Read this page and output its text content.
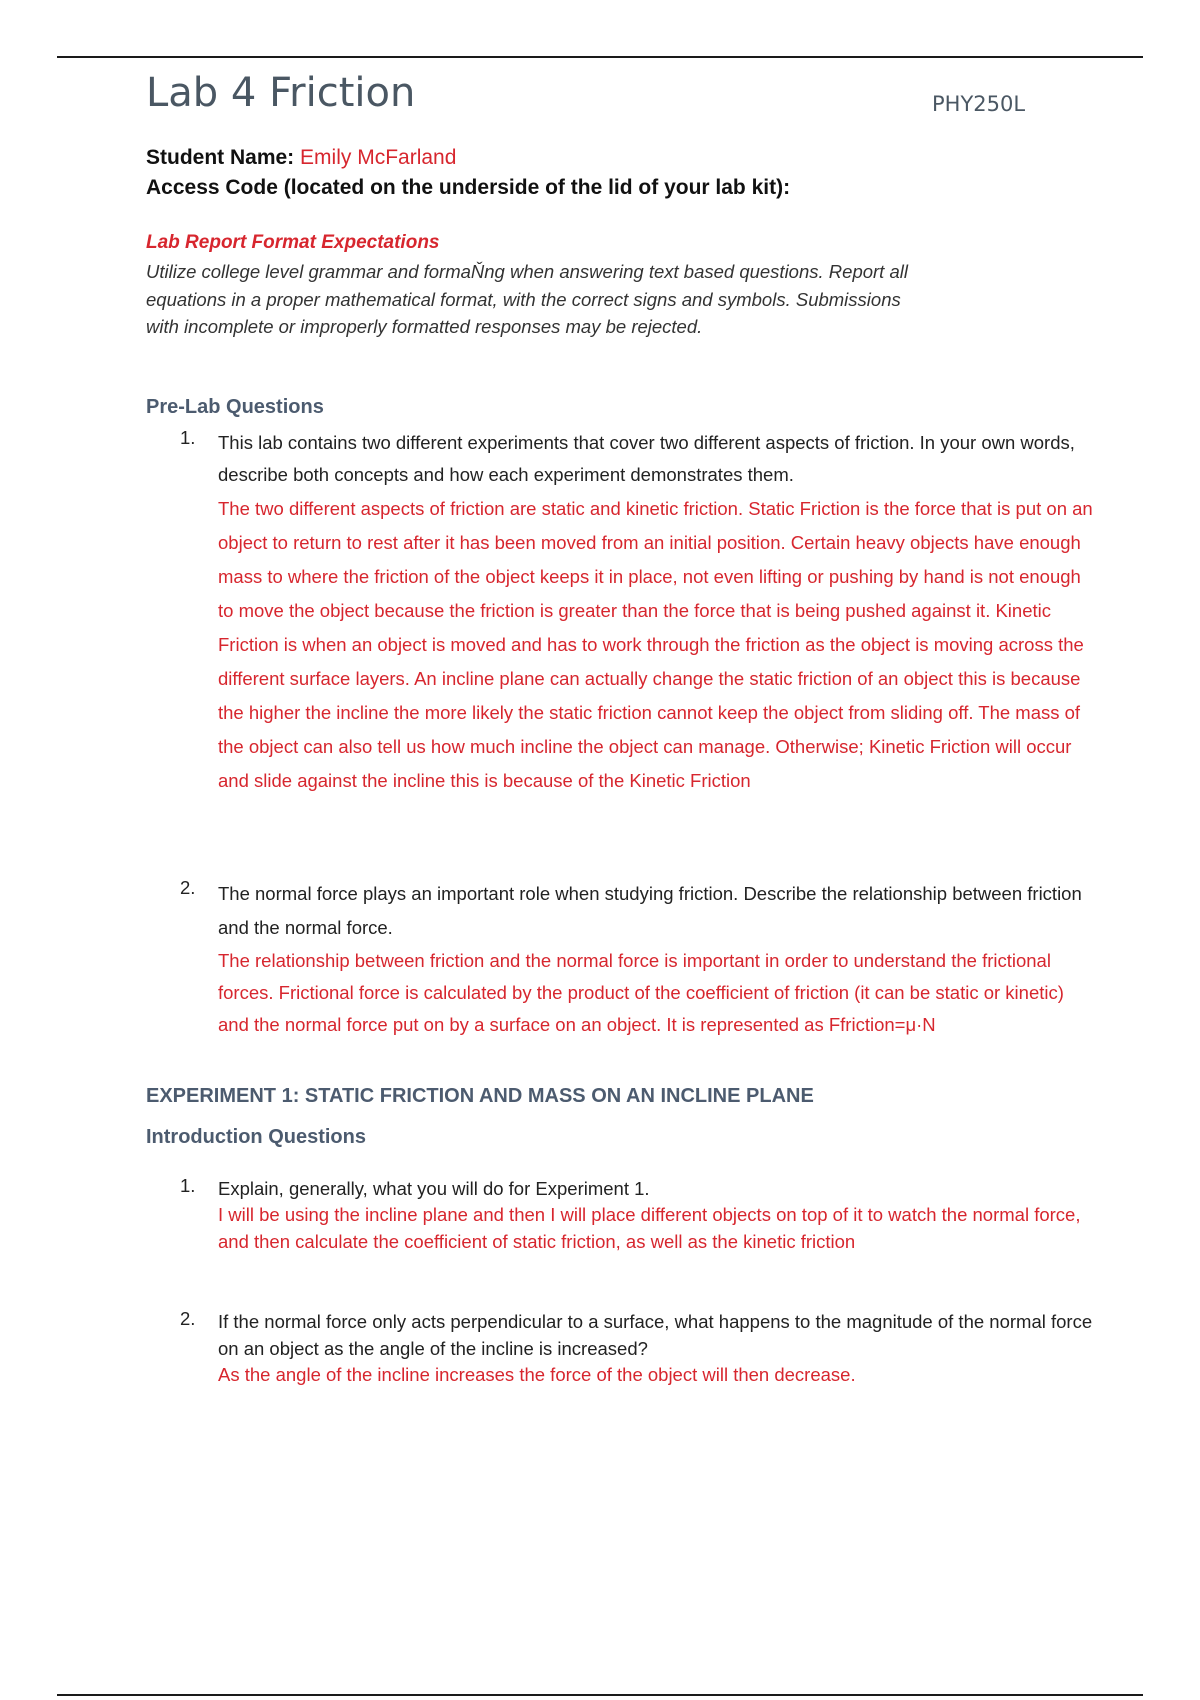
Lab 4 Friction	PHY250L
Student Name: Emily McFarland
Access Code (located on the underside of the lid of your lab kit):
Lab Report Format Expectations
Utilize college level grammar and formaŇng when answering text based questions. Report all equations in a proper mathematical format, with the correct signs and symbols. Submissions with incomplete or improperly formatted responses may be rejected.
Pre-Lab Questions
1. This lab contains two different experiments that cover two different aspects of friction. In your own words, describe both concepts and how each experiment demonstrates them.
The two different aspects of friction are static and kinetic friction. Static Friction is the force that is put on an object to return to rest after it has been moved from an initial position. Certain heavy objects have enough mass to where the friction of the object keeps it in place, not even lifting or pushing by hand is not enough to move the object because the friction is greater than the force that is being pushed against it. Kinetic Friction is when an object is moved and has to work through the friction as the object is moving across the different surface layers. An incline plane can actually change the static friction of an object this is because the higher the incline the more likely the static friction cannot keep the object from sliding off. The mass of the object can also tell us how much incline the object can manage. Otherwise; Kinetic Friction will occur and slide against the incline this is because of the Kinetic Friction
2. The normal force plays an important role when studying friction. Describe the relationship between friction and the normal force.
The relationship between friction and the normal force is important in order to understand the frictional forces. Frictional force is calculated by the product of the coefficient of friction (it can be static or kinetic) and the normal force put on by a surface on an object. It is represented as Ffriction=μ·N
EXPERIMENT 1: STATIC FRICTION AND MASS ON AN INCLINE PLANE
Introduction Questions
1. Explain, generally, what you will do for Experiment 1.
I will be using the incline plane and then I will place different objects on top of it to watch the normal force, and then calculate the coefficient of static friction, as well as the kinetic friction
2. If the normal force only acts perpendicular to a surface, what happens to the magnitude of the normal force on an object as the angle of the incline is increased?
As the angle of the incline increases the force of the object will then decrease.
